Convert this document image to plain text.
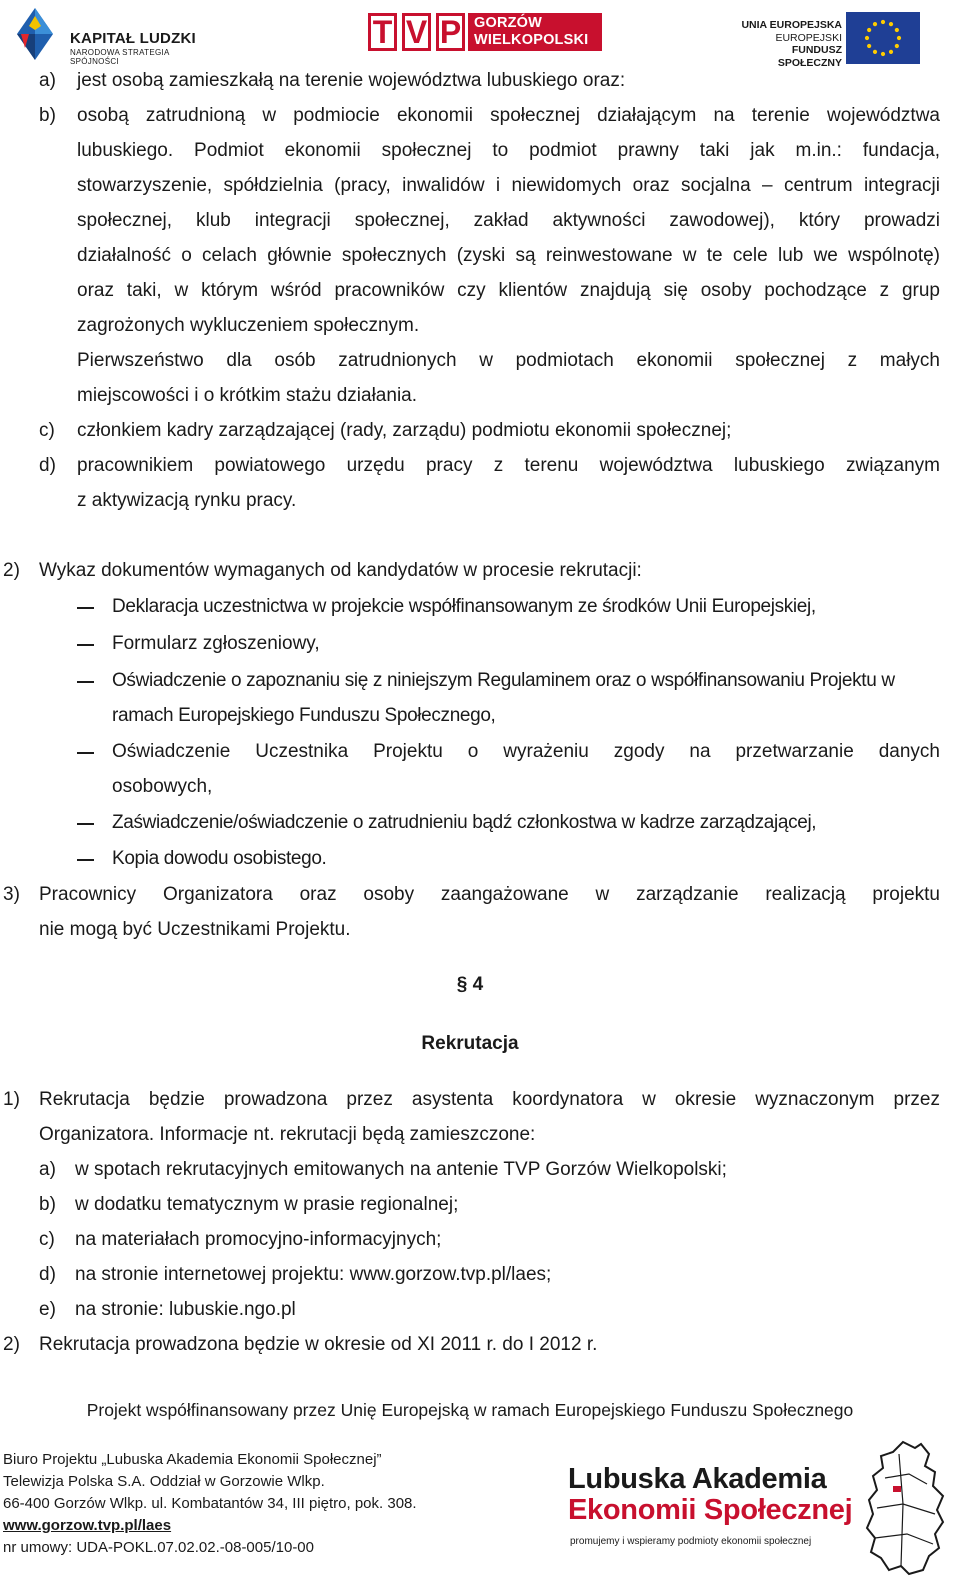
KAPITAŁ LUDZKI
NARODOWA STRATEGIA SPÓJNOŚCI
T V P GORZÓW
WIELKOPOLSKI
UNIA EUROPEJSKA
EUROPEJSKI
FUNDUSZ SPOŁECZNY
a) jest osobą zamieszkałą na terenie województwa lubuskiego oraz:
b) osobą zatrudnioną w podmiocie ekonomii społecznej działającym na terenie województwa
lubuskiego. Podmiot ekonomii społecznej to podmiot prawny taki jak m.in.: fundacja,
stowarzyszenie, spółdzielnia (pracy, inwalidów i niewidomych oraz socjalna – centrum integracji
społecznej, klub integracji społecznej, zakład aktywności zawodowej), który prowadzi
działalność o celach głównie społecznych (zyski są reinwestowane w te cele lub we wspólnotę)
oraz taki, w którym wśród pracowników czy klientów znajdują się osoby pochodzące z grup
zagrożonych wykluczeniem społecznym.
Pierwszeństwo dla osób zatrudnionych w podmiotach ekonomii społecznej z małych
miejscowości i o krótkim stażu działania.
c) członkiem kadry zarządzającej (rady, zarządu) podmiotu ekonomii społecznej;
d) pracownikiem powiatowego urzędu pracy z terenu województwa lubuskiego związanym
z aktywizacją rynku pracy.
2) Wykaz dokumentów wymaganych od kandydatów w procesie rekrutacji:
Deklaracja uczestnictwa w projekcie współfinansowanym ze środków Unii Europejskiej,
Formularz zgłoszeniowy,
Oświadczenie o zapoznaniu się z niniejszym Regulaminem oraz o współfinansowaniu Projektu w
ramach Europejskiego Funduszu Społecznego,
Oświadczenie Uczestnika Projektu o wyrażeniu zgody na przetwarzanie danych
osobowych,
Zaświadczenie/oświadczenie o zatrudnieniu bądź członkostwa w kadrze zarządzającej,
Kopia dowodu osobistego.
3) Pracownicy Organizatora oraz osoby zaangażowane w zarządzanie realizacją projektu
nie mogą być Uczestnikami Projektu.
§ 4
Rekrutacja
1) Rekrutacja będzie prowadzona przez asystenta koordynatora w okresie wyznaczonym przez
Organizatora. Informacje nt. rekrutacji będą zamieszczone:
a) w spotach rekrutacyjnych emitowanych na antenie TVP Gorzów Wielkopolski;
b) w dodatku tematycznym w prasie regionalnej;
c) na materiałach promocyjno-informacyjnych;
d) na stronie internetowej projektu: www.gorzow.tvp.pl/laes;
e) na stronie: lubuskie.ngo.pl
2) Rekrutacja prowadzona będzie w okresie od XI 2011 r. do I 2012 r.
Projekt współfinansowany przez Unię Europejską w ramach Europejskiego Funduszu Społecznego
Biuro Projektu „Lubuska Akademia Ekonomii Społecznej”
Telewizja Polska S.A. Oddział w Gorzowie Wlkp.
66-400 Gorzów Wlkp. ul. Kombatantów 34, III piętro, pok. 308.
www.gorzow.tvp.pl/laes
nr umowy: UDA-POKL.07.02.02.-08-005/10-00
Lubuska Akademia
Ekonomii Społecznej
promujemy i wspieramy podmioty ekonomii społecznej
